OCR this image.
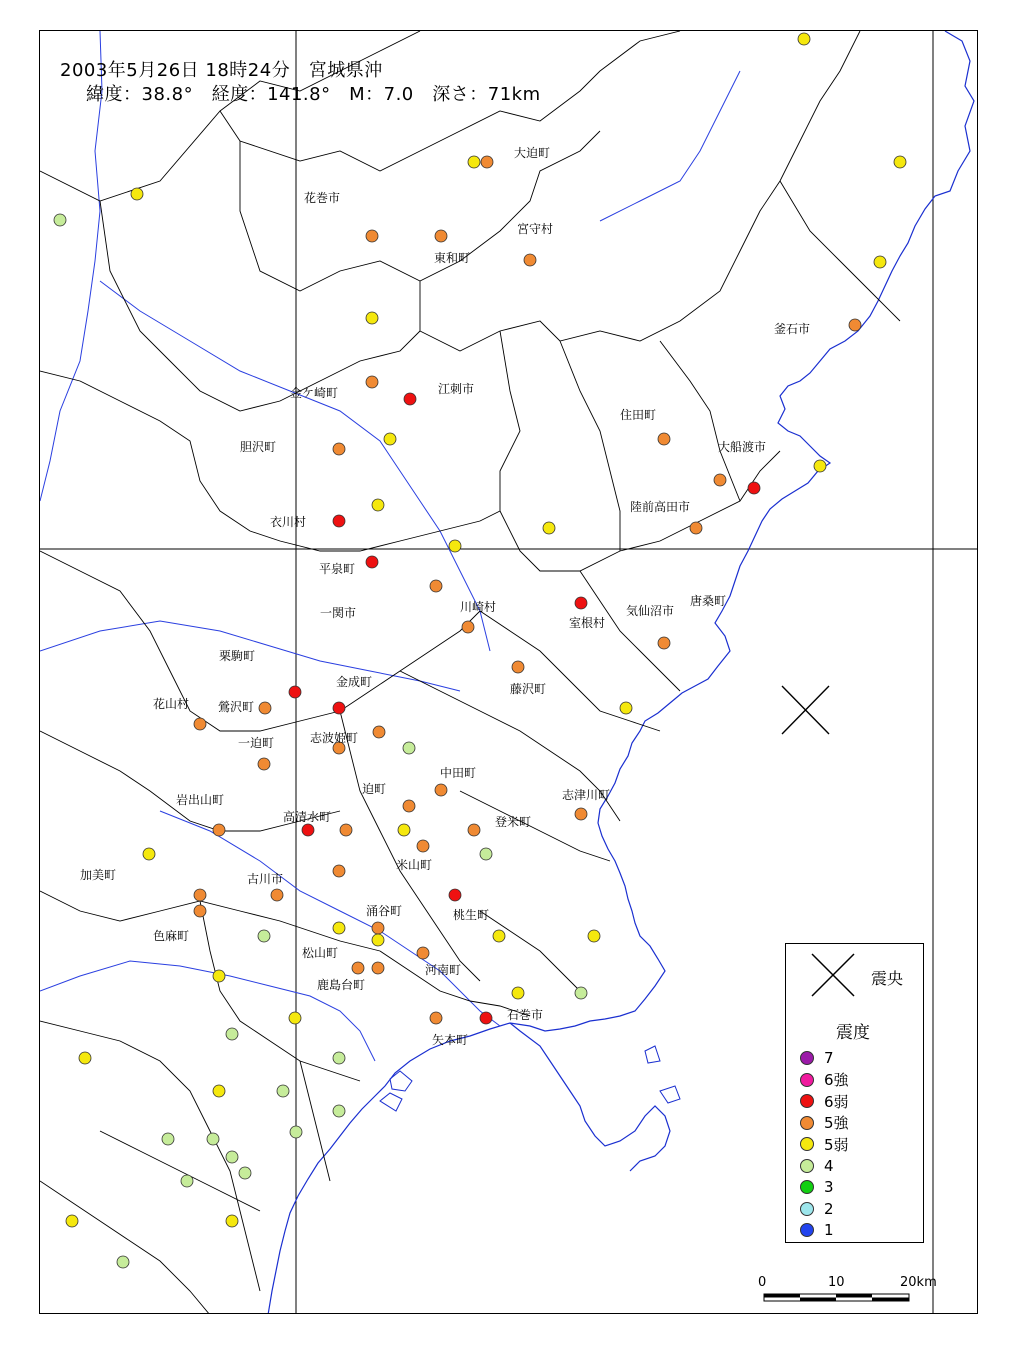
大迫町
花巻市
宮守村
東和町
釜石市
金ケ崎町	江刺市
住田町
胆沢町	大船渡市
衣川村
陸前高田市
平泉町
川崎村	唐桑町
一関市
室根村
気仙沼市
栗駒町
金成町	藤沢町
花山村 鶯沢町
一迫町	志波姫町
中田町
岩出山町
迫町	志津川町
高清水町	登米町
米山町
加美町	古川市
涌谷町	桃生町
色麻町
松山町
河南町
鹿島台町
石巻市
矢本町
2003年5月26日 18時24分　宮城県沖
緯度：38.8°　経度：141.8°　M：7.0　深さ：71km
震央
震度
7
6強
6弱
5強
5弱
4
3
2
1
0	10	20km
